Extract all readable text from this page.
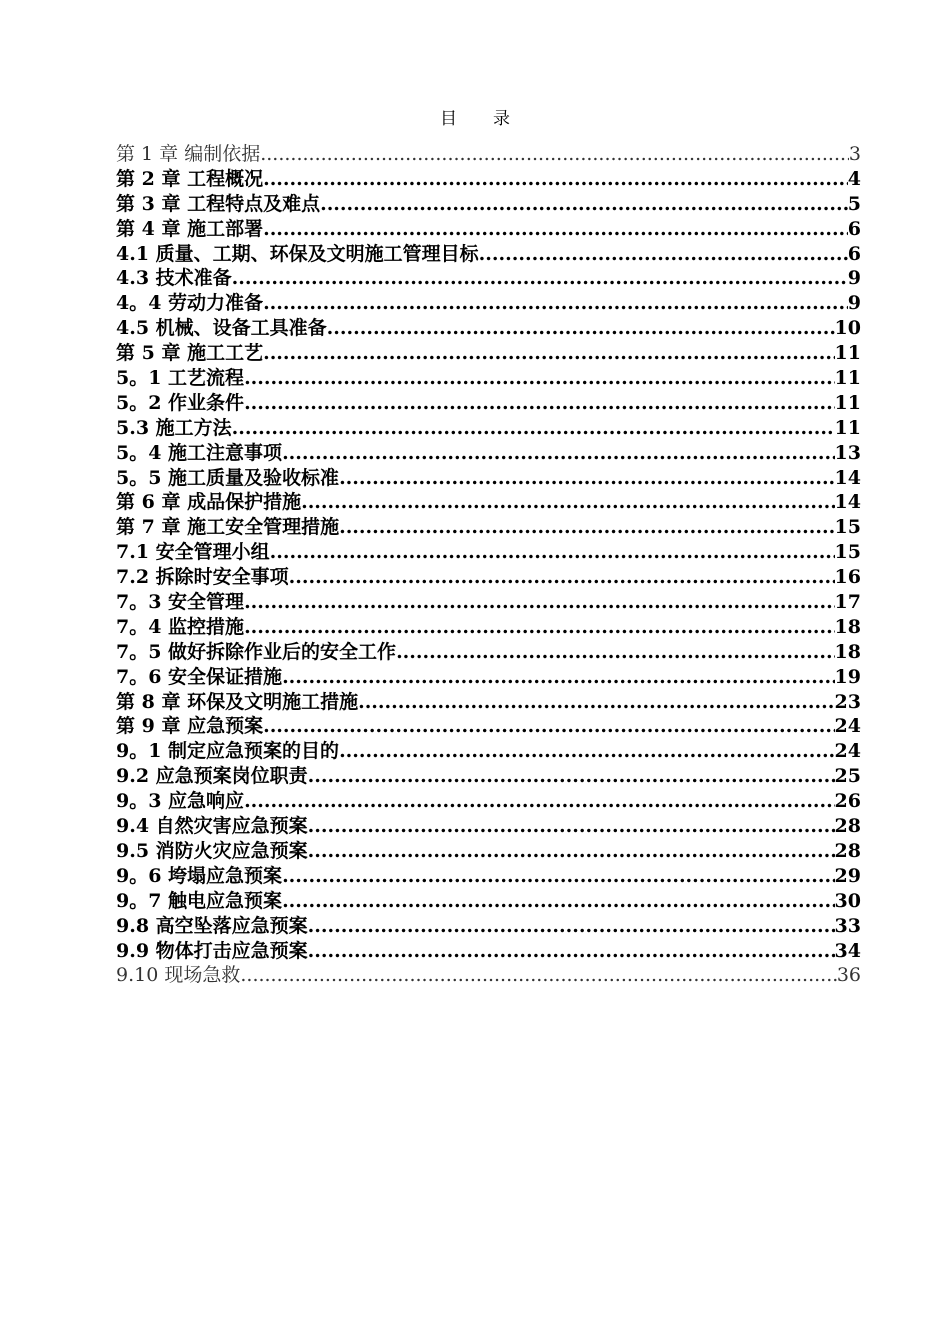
目 录
第 1 章 编制依据 .....	3
第 2 章 工程概况 .....	4
第 3 章 工程特点及难点 .....	5
第 4 章 施工部署 .....	6
4.1 质量、工期、环保及文明施工管理目标 .....	6
4.3 技术准备 .....	9
4。4 劳动力准备 .....	9
4.5 机械、设备工具准备 .....	10
第 5 章 施工工艺 .....	11
5。1 工艺流程 .....	11
5。2 作业条件 .....	11
5.3 施工方法 .....	11
5。4 施工注意事项 .....	13
5。5 施工质量及验收标准 .....	14
第 6 章 成品保护措施 .....	14
第 7 章 施工安全管理措施 .....	15
7.1 安全管理小组 .....	15
7.2 拆除时安全事项 .....	16
7。3 安全管理 .....	17
7。4 监控措施 .....	18
7。5 做好拆除作业后的安全工作 .....	18
7。6 安全保证措施 .....	19
第 8 章 环保及文明施工措施 .....	23
第 9 章 应急预案 .....	24
9。1 制定应急预案的目的 .....	24
9.2 应急预案岗位职责 .....	25
9。3 应急响应 .....	26
9.4 自然灾害应急预案 .....	28
9.5 消防火灾应急预案 .....	28
9。6 垮塌应急预案 .....	29
9。7 触电应急预案 .....	30
9.8 高空坠落应急预案 .....	33
9.9 物体打击应急预案 .....	34
9.10 现场急救 .....	36
